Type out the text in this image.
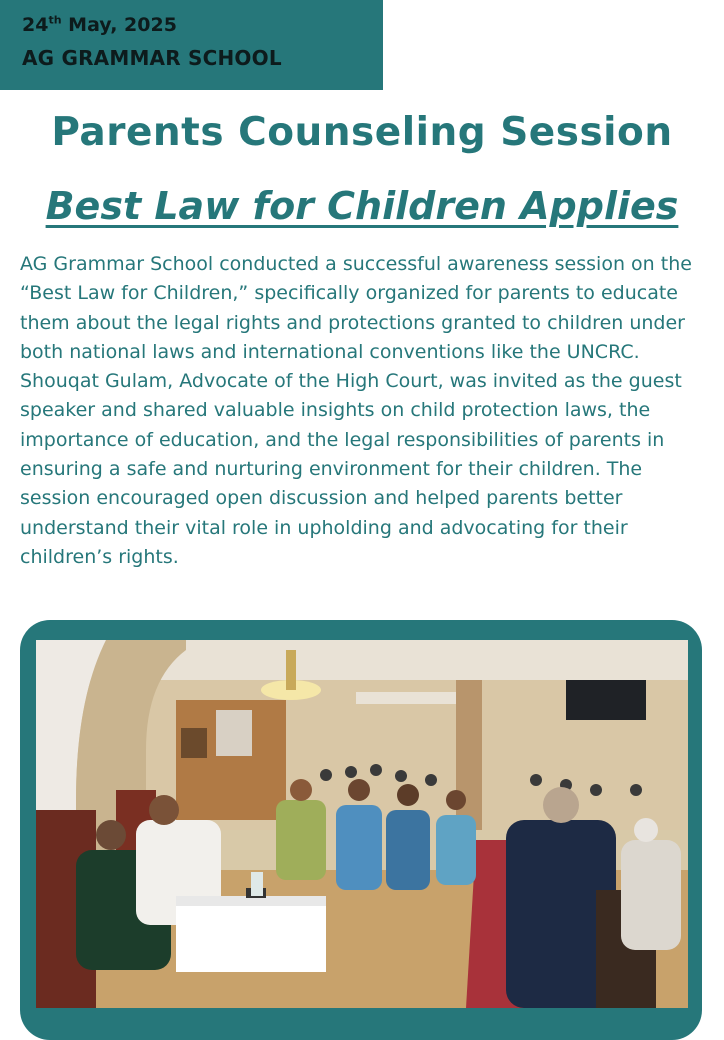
24th May, 2025
AG GRAMMAR SCHOOL
Parents Counseling Session
Best Law for Children Applies
AG Grammar School conducted a successful awareness session on the “Best Law for Children,” specifically organized for parents to educate them about the legal rights and protections granted to children under both national laws and international conventions like the UNCRC. Shouqat Gulam, Advocate of the High Court, was invited as the guest speaker and shared valuable insights on child protection laws, the importance of education, and the legal responsibilities of parents in ensuring a safe and nurturing environment for their children. The session encouraged open discussion and helped parents better understand their vital role in upholding and advocating for their children’s rights.
